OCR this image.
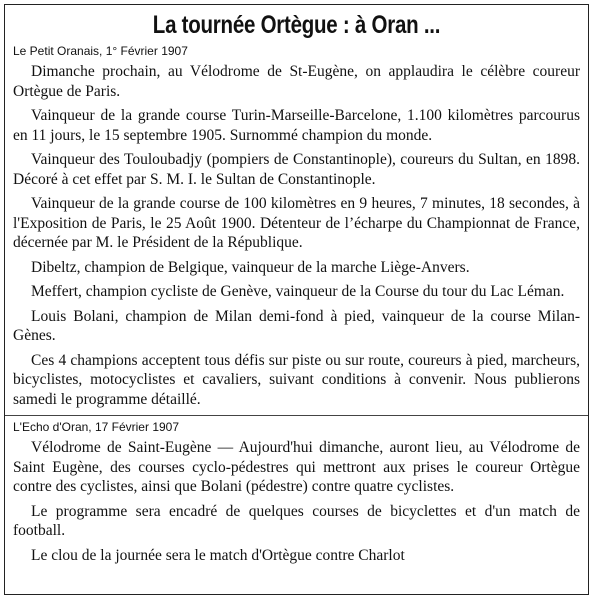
La tournée Ortègue : à Oran ...
Le Petit Oranais, 1° Février 1907

Dimanche prochain, au Vélodrome de St-Eugène, on applaudira le célèbre coureur Ortègue de Paris.

Vainqueur de la grande course Turin-Marseille-Barcelone, 1.100 kilomètres parcourus en 11 jours, le 15 septembre 1905. Surnommé champion du monde.

Vainqueur des Touloubadjy (pompiers de Constantinople), coureurs du Sultan, en 1898. Décoré à cet effet par S. M. I. le Sultan de Constantinople.

Vainqueur de la grande course de 100 kilomètres en 9 heures, 7 minutes, 18 secondes, à l'Exposition de Paris, le 25 Août 1900. Détenteur de l’écharpe du Championnat de France, décernée par M. le Président de la République.

Dibeltz, champion de Belgique, vainqueur de la marche Liège-Anvers.

Meffert, champion cycliste de Genève, vainqueur de la Course du tour du Lac Léman.

Louis Bolani, champion de Milan demi-fond à pied, vainqueur de la course Milan-Gènes.

Ces 4 champions acceptent tous défis sur piste ou sur route, coureurs à pied, marcheurs, bicyclistes, motocyclistes et cavaliers, suivant conditions à convenir. Nous publierons samedi le programme détaillé.

L'Echo d'Oran, 17 Février 1907

Vélodrome de Saint-Eugène — Aujourd'hui dimanche, auront lieu, au Vélodrome de Saint Eugène, des courses cyclo-pédestres qui mettront aux prises le coureur Ortègue contre des cyclistes, ainsi que Bolani (pédestre) contre quatre cyclistes.

Le programme sera encadré de quelques courses de bicyclettes et d'un match de football.

Le clou de la journée sera le match d'Ortègue contre Charlot
